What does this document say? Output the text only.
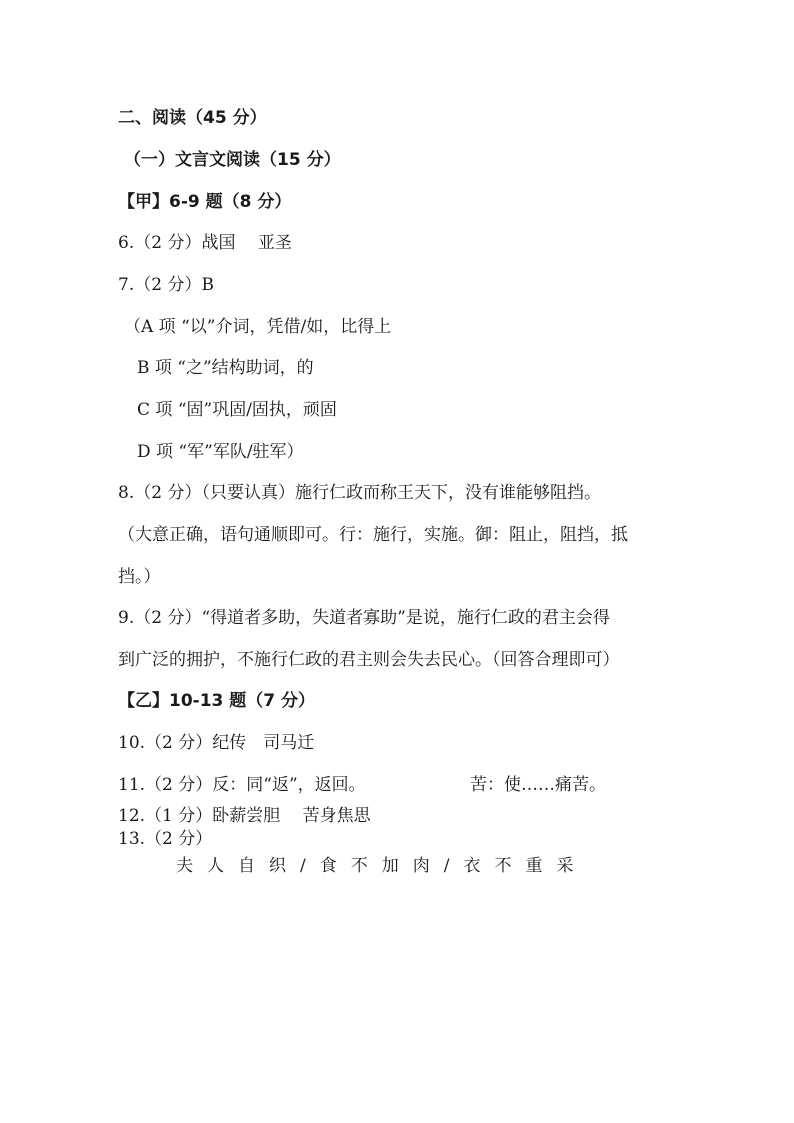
二、阅读（45 分）
（一）文言文阅读（15 分）
【甲】6-9 题（8 分）
6.（2 分）战国　 亚圣
7.（2 分）B
（A 项 “以”介词，凭借/如，比得上
B 项 “之”结构助词，的
C 项 “固”巩固/固执，顽固
D 项 “军”军队/驻军）
8.（2 分）（只要认真）施行仁政而称王天下，没有谁能够阻挡。
（大意正确，语句通顺即可。行：施行，实施。御：阻止，阻挡，抵
挡。）
9.（2 分）“得道者多助，失道者寡助”是说，施行仁政的君主会得
到广泛的拥护，不施行仁政的君主则会失去民心。（回答合理即可）
【乙】10-13 题（7 分）
10.（2 分）纪传　司马迁
11.（2 分）反：同“返”，返回。	苦：使……痛苦。
12.（1 分）卧薪尝胆　 苦身焦思
13.（2 分）
夫人自织/食不加肉/衣不重采
